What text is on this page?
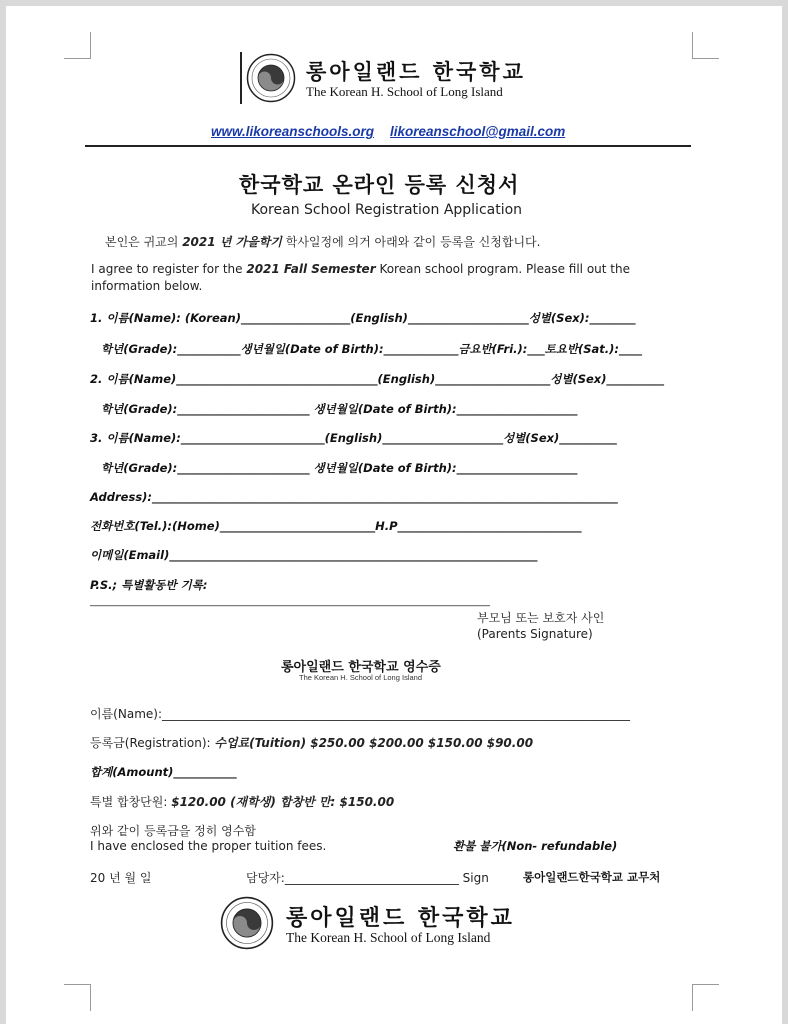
롱아일랜드 한국학교
The Korean H. School of Long Island
www.likoreanschools.org likoreanschool@gmail.com
한국학교 온라인 등록 신청서
Korean School Registration Application
본인은 귀교의 2021 년 가을학기 학사일정에 의거 아래와 같이 등록을 신청합니다.
I agree to register for the 2021 Fall Semester Korean school program. Please fill out the
information below.
1. 이름(Name): (Korean)___________________(English)_____________________성별(Sex):________
학년(Grade):___________생년월일(Date of Birth):_____________금요반(Fri.):___토요반(Sat.):____
2. 이름(Name)___________________________________(English)____________________성별(Sex)__________
학년(Grade):_______________________ 생년월일(Date of Birth):_____________________
3. 이름(Name):_________________________(English)_____________________성별(Sex)__________
학년(Grade):_______________________ 생년월일(Date of Birth):_____________________
Address):_________________________________________________________________________________
전화번호(Tel.):(Home)___________________________H.P________________________________
이메일(Email)________________________________________________________________
P.S.; 특별활동반 기록:
________________________________________________________________________________
부모님 또는 보호자 사인
(Parents Signature)
롱아일랜드 한국학교 영수증
The Korean H. School of Long Island
이름(Name):______________________________________________________________________________
등록금(Registration): 수업료(Tuition) $250.00 $200.00 $150.00 $90.00
합계(Amount)___________
특별 합창단원: $120.00 (재학생) 합창반 만: $150.00
위와 같이 등록금을 정히 영수함
I have enclosed the proper tuition fees.	환불 불가(Non- refundable)
20 년 월 일	담당자:_____________________________ Sign	롱아일랜드한국학교 교무처
롱아일랜드 한국학교
The Korean H. School of Long Island
